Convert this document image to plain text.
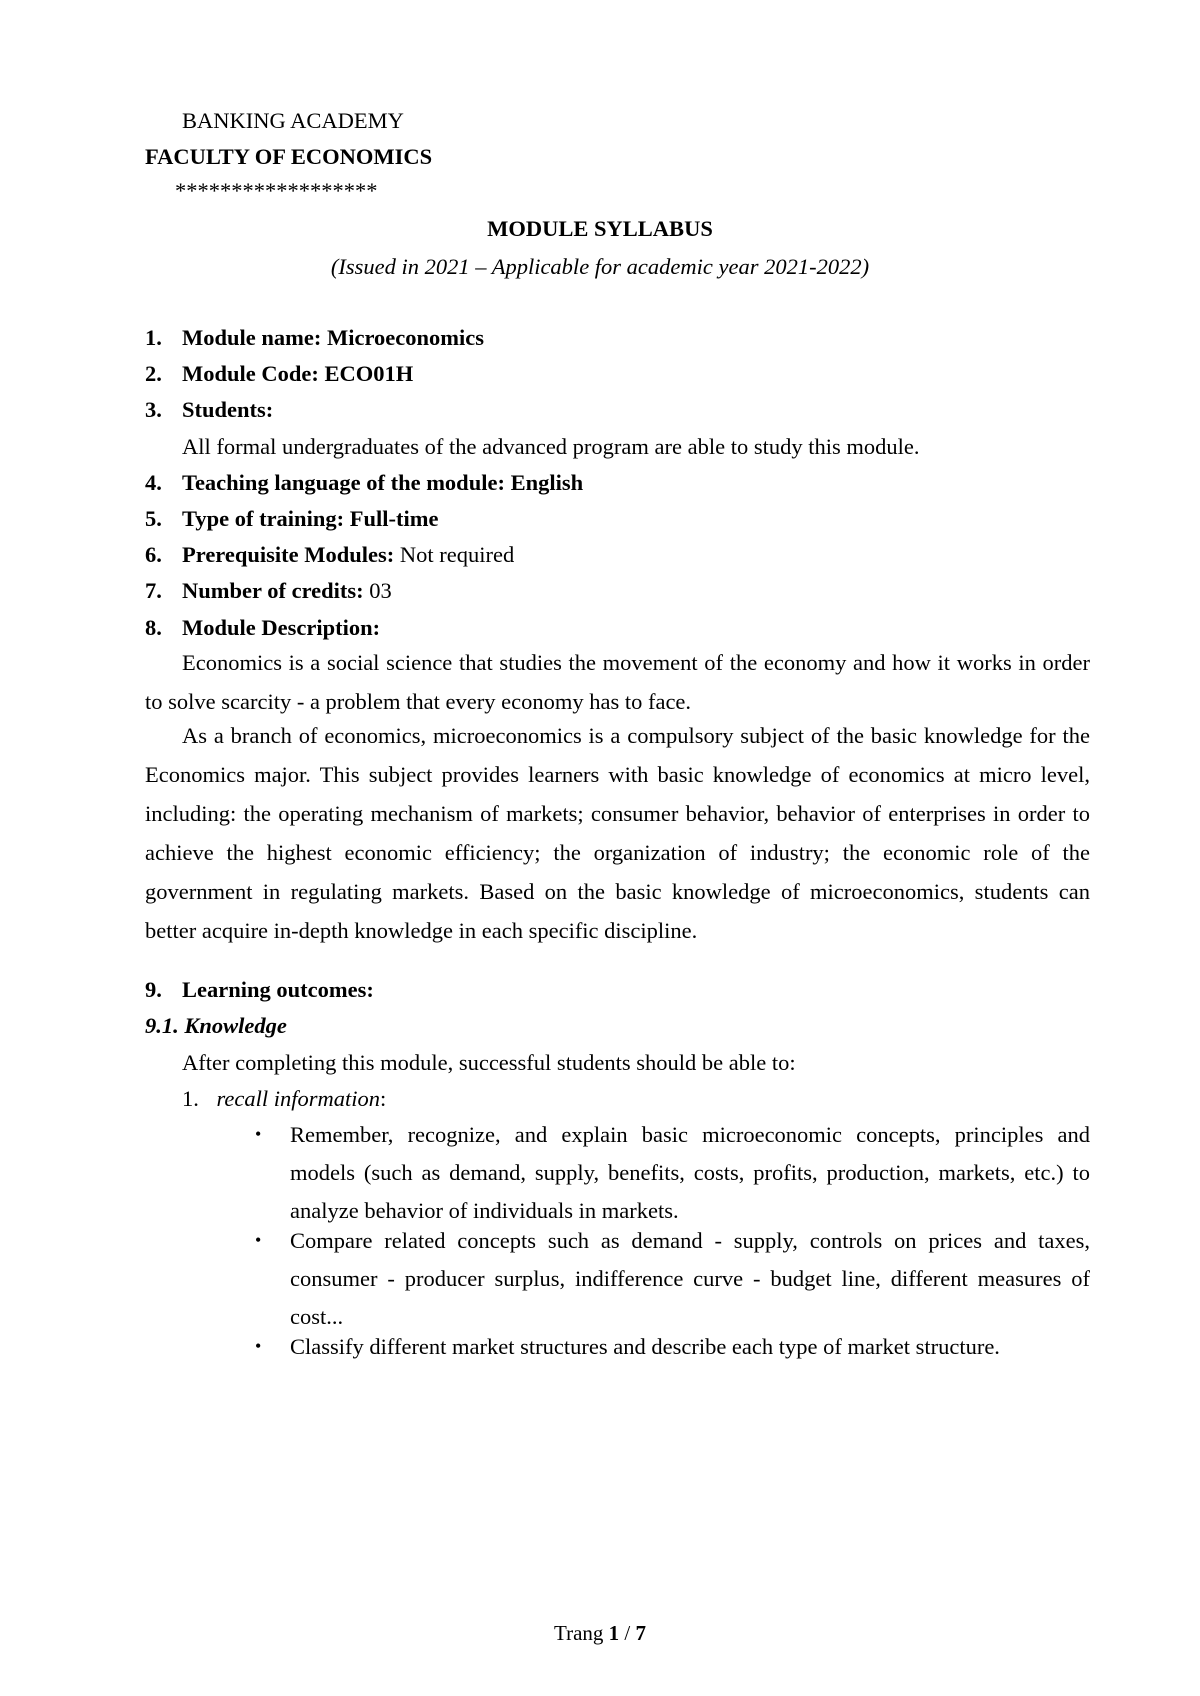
BANKING ACADEMY
FACULTY OF ECONOMICS
******************
MODULE SYLLABUS
(Issued in 2021 – Applicable for academic year 2021-2022)
1. Module name: Microeconomics
2. Module Code: ECO01H
3. Students:
All formal undergraduates of the advanced program are able to study this module.
4. Teaching language of the module: English
5. Type of training: Full-time
6. Prerequisite Modules: Not required
7. Number of credits: 03
8. Module Description:

Economics is a social science that studies the movement of the economy and how it works in order to solve scarcity - a problem that every economy has to face.

As a branch of economics, microeconomics is a compulsory subject of the basic knowledge for the Economics major. This subject provides learners with basic knowledge of economics at micro level, including: the operating mechanism of markets; consumer behavior, behavior of enterprises in order to achieve the highest economic efficiency; the organization of industry; the economic role of the government in regulating markets. Based on the basic knowledge of microeconomics, students can better acquire in-depth knowledge in each specific discipline.

9. Learning outcomes:
9.1. Knowledge
After completing this module, successful students should be able to:
1. recall information:
• Remember, recognize, and explain basic microeconomic concepts, principles and models (such as demand, supply, benefits, costs, profits, production, markets, etc.) to analyze behavior of individuals in markets.
• Compare related concepts such as demand - supply, controls on prices and taxes, consumer - producer surplus, indifference curve - budget line, different measures of cost...
• Classify different market structures and describe each type of market structure.
Trang 1 / 7
